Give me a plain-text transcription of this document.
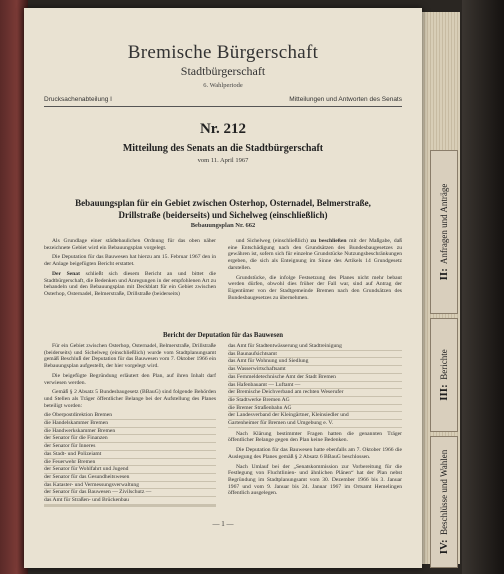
II:  Anfragen und Anträge
III:  Berichte
IV:  Beschlüsse und Wahlen
Bremische Bürgerschaft
Stadtbürgerschaft
6. Wahlperiode
Drucksachenabteilung I	Mitteilungen und Antworten des Senats
Nr. 212
Mitteilung des Senats an die Stadtbürgerschaft
vom 11. April 1967
Bebauungsplan für ein Gebiet zwischen Osterhop, Osternadel, Belmerstraße, Drillstraße (beiderseits) und Sichelweg (einschließlich)
Bebauungsplan Nr. 662

Als Grundlage einer städtebaulichen Ordnung für das oben näher bezeichnete Gebiet wird ein Bebauungsplan vorgelegt.

Die Deputation für das Bauwesen hat hierzu am 15. Februar 1967 den in der Anlage beigefügten Bericht erstattet.

Der Senat schließt sich diesem Bericht an und bittet die Stadtbürgerschaft, die Bedenken und Anregungen in der empfohlenen Art zu behandeln und den Bebauungsplan mit Deckblatt für ein Gebiet zwischen Osterhop, Osternadel, Belmerstraße, Drillstraße (beiderseits)

und Sichelweg (einschließlich) zu beschließen mit der Maßgabe, daß eine Entschädigung nach den Grundsätzen des Bundesbaugesetzes zu gewähren ist, sofern sich für einzelne Grundstücke Nutzungsbeschränkungen ergeben, die sich als Enteignung im Sinne des Artikels 14 Grundgesetz darstellen.

Grundstücke, die infolge Festsetzung des Planes nicht mehr bebaut werden dürfen, obwohl dies früher der Fall war, sind auf Antrag der Eigentümer von der Stadtgemeinde Bremen nach den Grundsätzen des Bundesbaugesetzes zu übernehmen.

Bericht der Deputation für das Bauwesen

Für ein Gebiet zwischen Osterhop, Osternadel, Belmerstraße, Drillstraße (beiderseits) und Sichelweg (einschließlich) wurde vom Stadtplanungsamt gemäß Beschluß der Deputation für das Bauwesen vom 7. Oktober 1966 ein Bebauungsplan aufgestellt, der hier vorgelegt wird.

Die beigefügte Begründung erläutert den Plan, auf ihren Inhalt darf verwiesen werden.

Gemäß § 2 Absatz 5 Bundesbaugesetz (BBauG) sind folgende Behörden und Stellen als Träger öffentlicher Belange bei der Aufstellung des Planes beteiligt worden:

die Oberpostdirektion Bremen
die Handelskammer Bremen
die Handwerkskammer Bremen
der Senator für die Finanzen
der Senator für Inneres
das Stadt- und Polizeiamt
die Feuerwehr Bremen
der Senator für Wohlfahrt und Jugend
der Senator für das Gesundheitswesen
das Kataster- und Vermessungsverwaltung
der Senator für das Bauwesen — Zivilschutz —
das Amt für Straßen- und Brückenbau
das Amt für Stadtentwässerung und Stadtreinigung
das Baunaufsichtsamt
das Amt für Wohnung und Siedlung
das Wasserwirtschaftsamt
das Fernmeldetechnische Amt der Stadt Bremen
das Hafenbauamt — Luftamt —
der Bremische Deichverband am rechten Weserufer
die Stadtwerke Bremen AG
die Bremer Straßenbahn AG
der Landesverband der Kleingärtner, Kleinsiedler und
Gartenheimer für Bremen und Umgebung e. V.

Nach Klärung bestimmter Fragen hatten die genannten Träger öffentlicher Belange gegen den Plan keine Bedenken.

Die Deputation für das Bauwesen hatte ebenfalls am 7. Oktober 1966 die Auslegung des Planes gemäß § 2 Absatz 6 BBauG beschlossen.

Nach Umlauf bei der „Senatskommission zur Vorbereitung für die Festlegung von Fluchtlinien- und ähnlichen Plänen“ hat der Plan nebst Begründung im Stadtplanungsamt vom 30. Dezember 1966 bis 3. Januar 1967 und vom 9. Januar bis 24. Januar 1967 im Ortsamt Hemelingen öffentlich ausgelegen.

— 1 —
